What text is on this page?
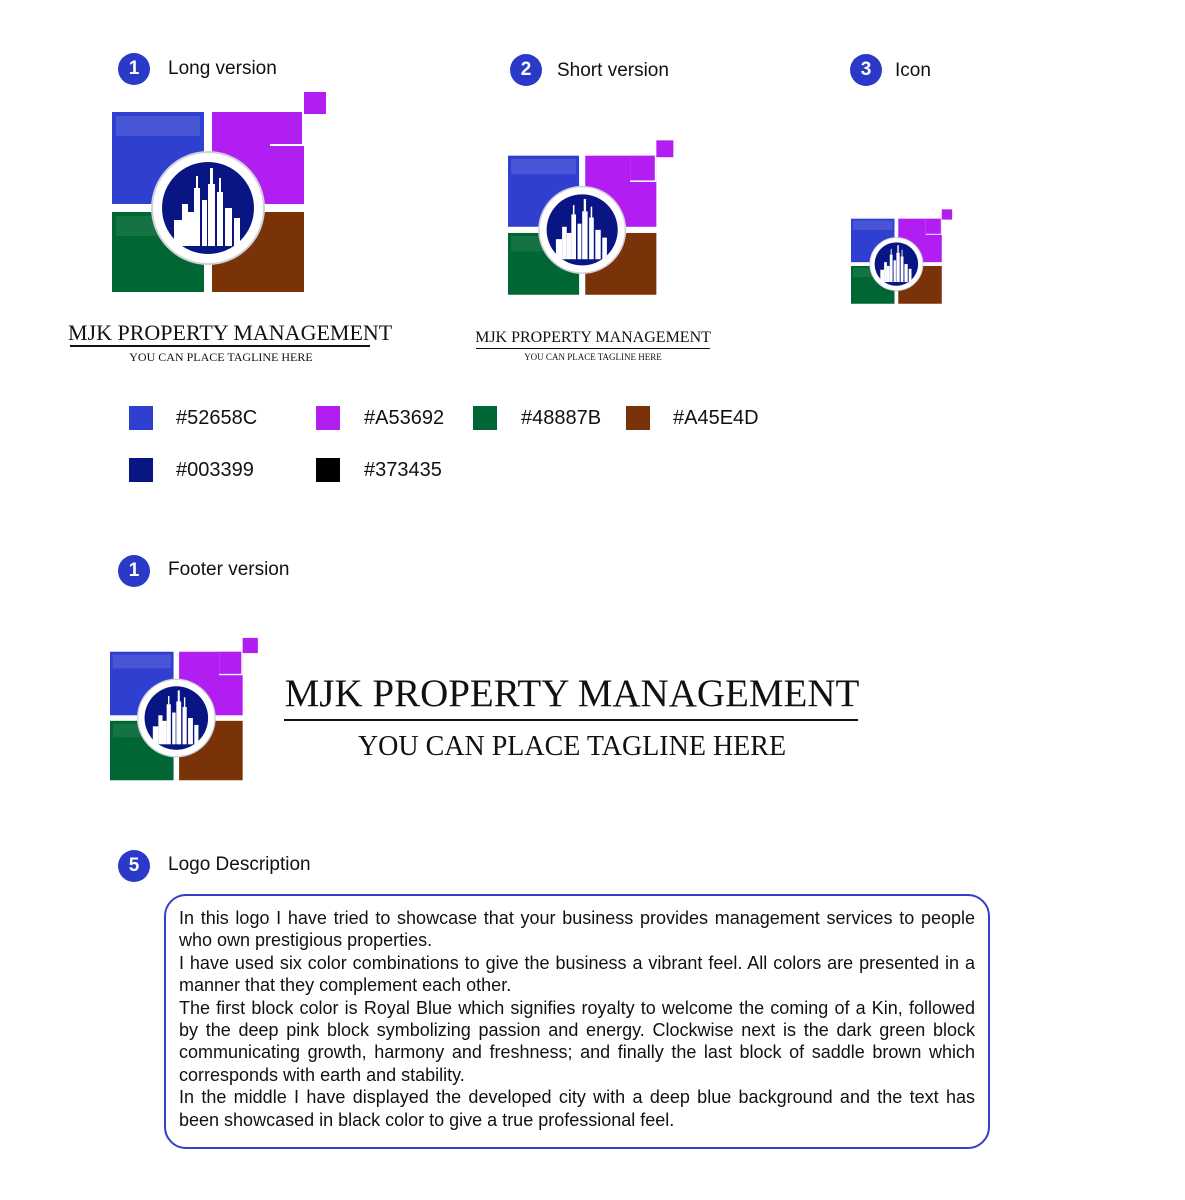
1	Long version
MJK PROPERTY MANAGEMENT
YOU CAN PLACE TAGLINE HERE
2	Short version
MJK PROPERTY MANAGEMENT
YOU CAN PLACE TAGLINE HERE
3	Icon
#52658C	#A53692	#48887B	#A45E4D
#003399	#373435
1	Footer version
MJK PROPERTY MANAGEMENT
YOU CAN PLACE TAGLINE HERE
5	Logo Description

In this logo I have tried to showcase that your business provides management services to people who own prestigious properties.

I have used six color combinations to give the business a vibrant feel. All colors are presented in a manner that they complement each other.

The first block color is Royal Blue which signifies royalty to welcome the coming of a Kin, followed by the deep pink block symbolizing passion and energy. Clockwise next is the dark green block communicating growth, harmony and freshness; and finally the last block of saddle brown which corresponds with earth and stability.

In the middle I have displayed the developed city with a deep blue background and the text has been showcased in black color to give a true professional feel.
